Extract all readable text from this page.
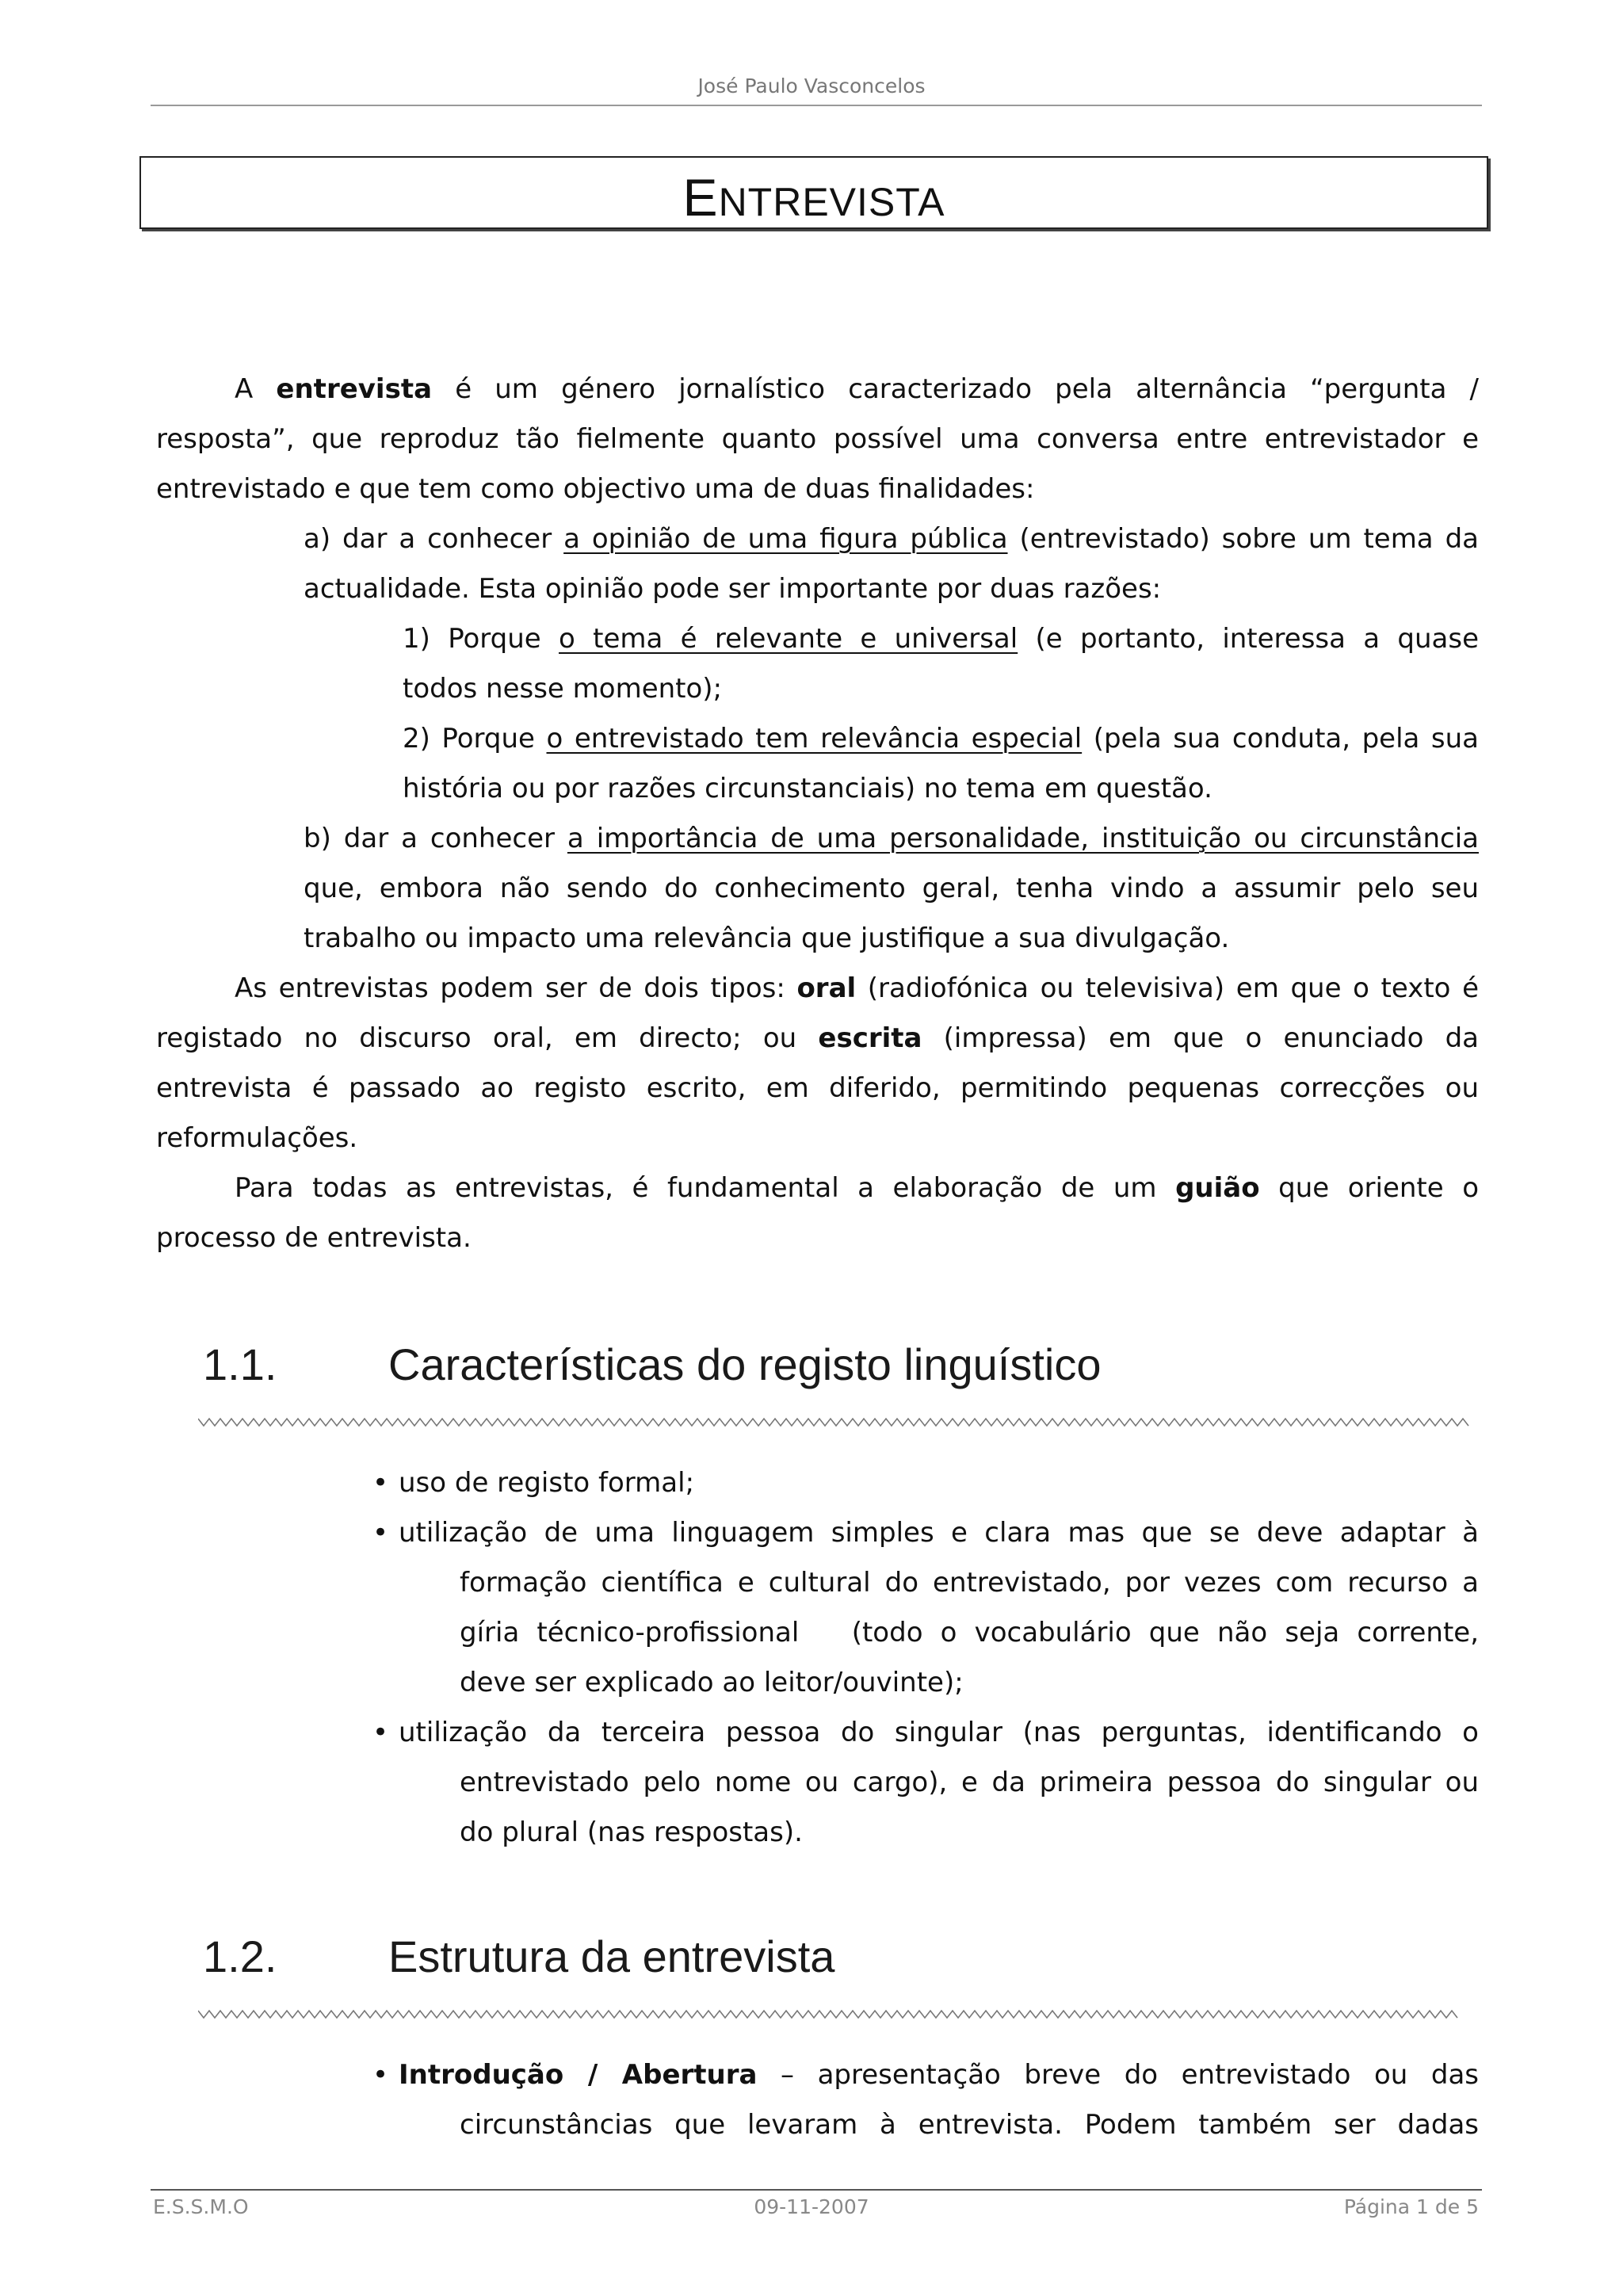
José Paulo Vasconcelos
ENTREVISTA
A entrevista é um género jornalístico caracterizado pela alternância “pergunta /
resposta”, que reproduz tão fielmente quanto possível uma conversa entre entrevistador e
entrevistado e que tem como objectivo uma de duas finalidades:
a) dar a conhecer a opinião de uma figura pública (entrevistado) sobre um tema da
actualidade. Esta opinião pode ser importante por duas razões:
1) Porque o tema é relevante e universal (e portanto, interessa a quase
todos nesse momento);
2) Porque o entrevistado tem relevância especial (pela sua conduta, pela sua
história ou por razões circunstanciais) no tema em questão.
b) dar a conhecer a importância de uma personalidade, instituição ou circunstância
que, embora não sendo do conhecimento geral, tenha vindo a assumir pelo seu
trabalho ou impacto uma relevância que justifique a sua divulgação.
As entrevistas podem ser de dois tipos: oral (radiofónica ou televisiva) em que o texto é
registado no discurso oral, em directo; ou escrita (impressa) em que o enunciado da
entrevista é passado ao registo escrito, em diferido, permitindo pequenas correcções ou
reformulações.
Para todas as entrevistas, é fundamental a elaboração de um guião que oriente o
processo de entrevista.
1.1.	Características do registo linguístico
• uso de registo formal;
• utilização de uma linguagem simples e clara mas que se deve adaptar à
formação científica e cultural do entrevistado, por vezes com recurso a
gíria técnico-profissional   (todo o vocabulário que não seja corrente,
deve ser explicado ao leitor/ouvinte);
• utilização da terceira pessoa do singular (nas perguntas, identificando o
entrevistado pelo nome ou cargo), e da primeira pessoa do singular ou
do plural (nas respostas).
1.2.	Estrutura da entrevista
• Introdução / Abertura – apresentação breve do entrevistado ou das
circunstâncias que levaram à entrevista. Podem também ser dadas
E.S.S.M.O	09-11-2007	Página 1 de 5
